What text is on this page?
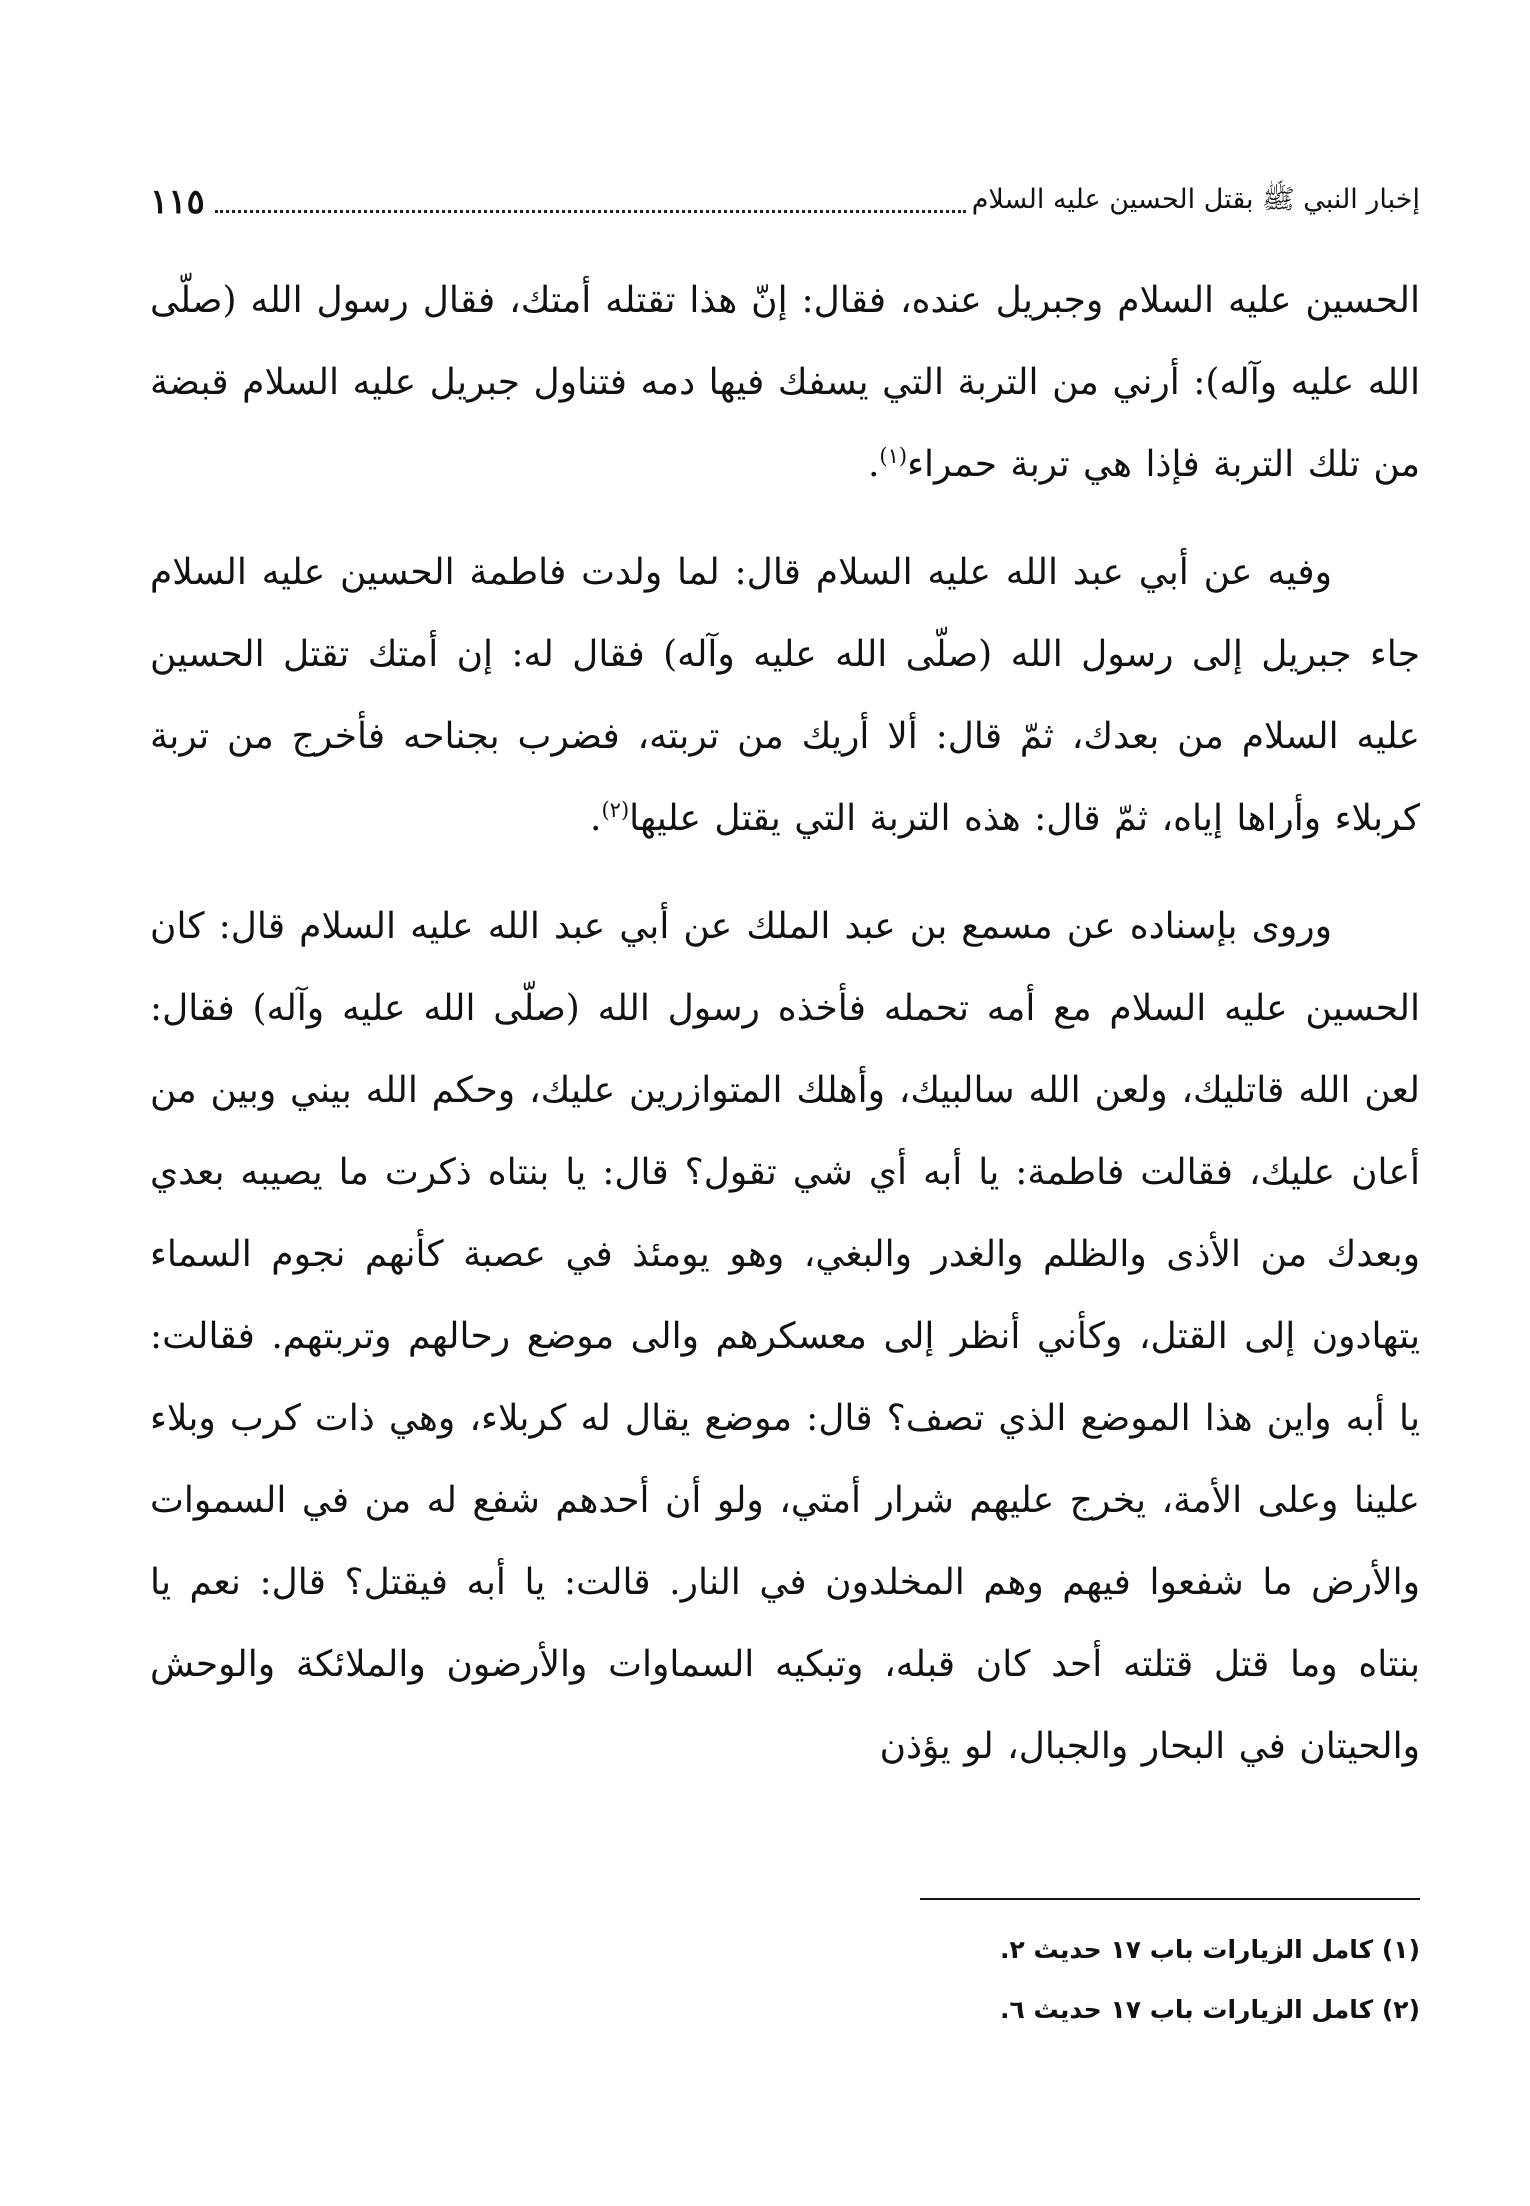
إخبار النبي ﷺ بقتل الحسين عليه السلام
١١٥

الحسين عليه السلام وجبريل عنده، فقال: إنّ هذا تقتله أمتك، فقال رسول الله (صلّى الله عليه وآله): أرني من التربة التي يسفك فيها دمه فتناول جبريل عليه السلام قبضة من تلك التربة فإذا هي تربة حمراء$^{(١)}$.

وفيه عن أبي عبد الله عليه السلام قال: لما ولدت فاطمة الحسين عليه السلام جاء جبريل إلى رسول الله (صلّى الله عليه وآله) فقال له: إن أمتك تقتل الحسين عليه السلام من بعدك، ثمّ قال: ألا أريك من تربته، فضرب بجناحه فأخرج من تربة كربلاء وأراها إياه، ثمّ قال: هذه التربة التي يقتل عليها$^{(٢)}$.

وروى بإسناده عن مسمع بن عبد الملك عن أبي عبد الله عليه السلام قال: كان الحسين عليه السلام مع أمه تحمله فأخذه رسول الله (صلّى الله عليه وآله) فقال: لعن الله قاتليك، ولعن الله سالبيك، وأهلك المتوازرين عليك، وحكم الله بيني وبين من أعان عليك، فقالت فاطمة: يا أبه أي شي تقول؟ قال: يا بنتاه ذكرت ما يصيبه بعدي وبعدك من الأذى والظلم والغدر والبغي، وهو يومئذ في عصبة كأنهم نجوم السماء يتهادون إلى القتل، وكأني أنظر إلى معسكرهم والى موضع رحالهم وتربتهم. فقالت: يا أبه واين هذا الموضع الذي تصف؟ قال: موضع يقال له كربلاء، وهي ذات كرب وبلاء علينا وعلى الأمة، يخرج عليهم شرار أمتي، ولو أن أحدهم شفع له من في السموات والأرض ما شفعوا فيهم وهم المخلدون في النار. قالت: يا أبه فيقتل؟ قال: نعم يا بنتاه وما قتل قتلته أحد كان قبله، وتبكيه السماوات والأرضون والملائكة والوحش والحيتان في البحار والجبال، لو يؤذن

(١) كامل الزيارات باب ١٧ حديث ٢.

(٢) كامل الزيارات باب ١٧ حديث ٦.
